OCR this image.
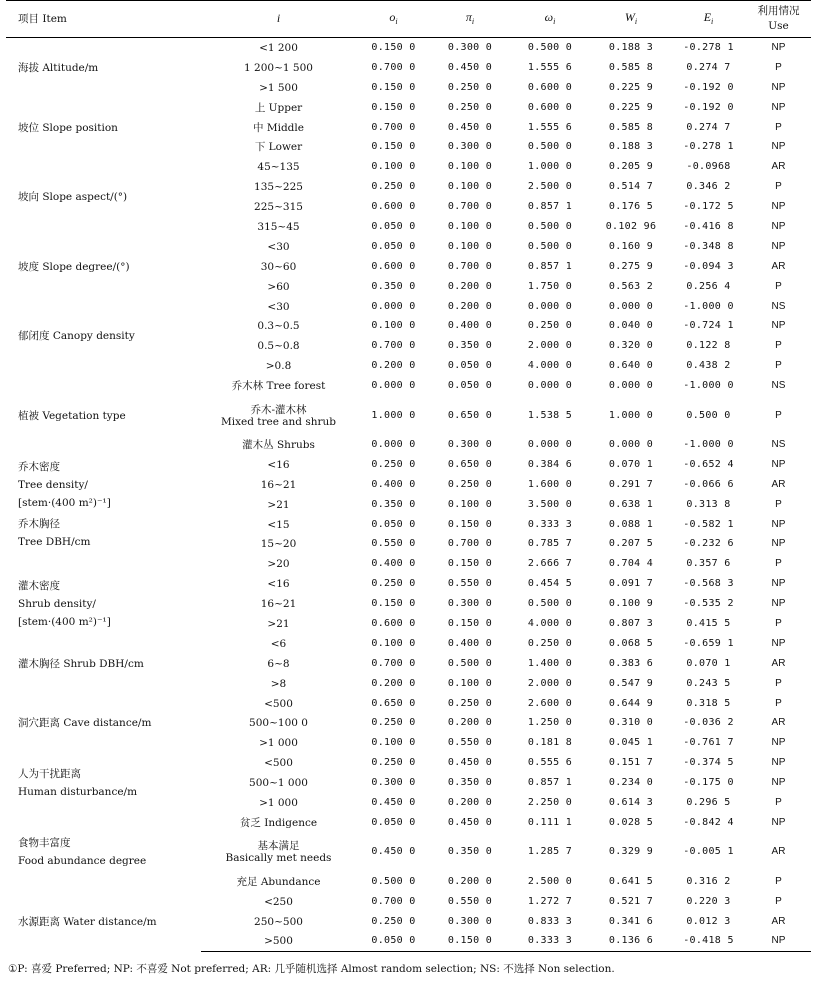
项目 Item	i	$o_i$	$\pi_i$	$\omega_i$	$W_i$	$E_i$	利用情况
Use

海拔 Altitude/m	<1 200	0.150 0	0.300 0	0.500 0	0.188 3	-0.278 1	NP
	1 200~1 500	0.700 0	0.450 0	1.555 6	0.585 8	0.274 7	P
	>1 500	0.150 0	0.250 0	0.600 0	0.225 9	-0.192 0	NP
坡位 Slope position	上 Upper	0.150 0	0.250 0	0.600 0	0.225 9	-0.192 0	NP
	中 Middle	0.700 0	0.450 0	1.555 6	0.585 8	0.274 7	P
	下 Lower	0.150 0	0.300 0	0.500 0	0.188 3	-0.278 1	NP
坡向 Slope aspect/(°)	45~135	0.100 0	0.100 0	1.000 0	0.205 9	-0.0968	AR
	135~225	0.250 0	0.100 0	2.500 0	0.514 7	0.346 2	P
	225~315	0.600 0	0.700 0	0.857 1	0.176 5	-0.172 5	NP
	315~45	0.050 0	0.100 0	0.500 0	0.102 96	-0.416 8	NP
坡度 Slope degree/(°)	<30	0.050 0	0.100 0	0.500 0	0.160 9	-0.348 8	NP
	30~60	0.600 0	0.700 0	0.857 1	0.275 9	-0.094 3	AR
	>60	0.350 0	0.200 0	1.750 0	0.563 2	0.256 4	P
郁闭度 Canopy density	<30	0.000 0	0.200 0	0.000 0	0.000 0	-1.000 0	NS
	0.3~0.5	0.100 0	0.400 0	0.250 0	0.040 0	-0.724 1	NP
	0.5~0.8	0.700 0	0.350 0	2.000 0	0.320 0	0.122 8	P
	>0.8	0.200 0	0.050 0	4.000 0	0.640 0	0.438 2	P
植被 Vegetation type	乔木林 Tree forest	0.000 0	0.050 0	0.000 0	0.000 0	-1.000 0	NS

	乔木-灌木林
Mixed tree and shrub	1.000 0	0.650 0	1.538 5	1.000 0	0.500 0	P
	灌木丛 Shrubs	0.000 0	0.300 0	0.000 0	0.000 0	-1.000 0	NS

乔木密度
Tree density/
[stem·(400 m²)⁻¹]	<16	0.250 0	0.650 0	0.384 6	0.070 1	-0.652 4	NP
	16~21	0.400 0	0.250 0	1.600 0	0.291 7	-0.066 6	AR
	>21	0.350 0	0.100 0	3.500 0	0.638 1	0.313 8	P

乔木胸径
Tree DBH/cm	<15	0.050 0	0.150 0	0.333 3	0.088 1	-0.582 1	NP
	15~20	0.550 0	0.700 0	0.785 7	0.207 5	-0.232 6	NP
	>20	0.400 0	0.150 0	2.666 7	0.704 4	0.357 6	P

灌木密度
Shrub density/
[stem·(400 m²)⁻¹]	<16	0.250 0	0.550 0	0.454 5	0.091 7	-0.568 3	NP
	16~21	0.150 0	0.300 0	0.500 0	0.100 9	-0.535 2	NP
	>21	0.600 0	0.150 0	4.000 0	0.807 3	0.415 5	P
灌木胸径 Shrub DBH/cm	<6	0.100 0	0.400 0	0.250 0	0.068 5	-0.659 1	NP
	6~8	0.700 0	0.500 0	1.400 0	0.383 6	0.070 1	AR
	>8	0.200 0	0.100 0	2.000 0	0.547 9	0.243 5	P
洞穴距离 Cave distance/m	<500	0.650 0	0.250 0	2.600 0	0.644 9	0.318 5	P
	500~100 0	0.250 0	0.200 0	1.250 0	0.310 0	-0.036 2	AR
	>1 000	0.100 0	0.550 0	0.181 8	0.045 1	-0.761 7	NP

人为干扰距离
Human disturbance/m	<500	0.250 0	0.450 0	0.555 6	0.151 7	-0.374 5	NP
	500~1 000	0.300 0	0.350 0	0.857 1	0.234 0	-0.175 0	NP
	>1 000	0.450 0	0.200 0	2.250 0	0.614 3	0.296 5	P

食物丰富度
Food abundance degree	贫乏 Indigence	0.050 0	0.450 0	0.111 1	0.028 5	-0.842 4	NP

	基本满足
Basically met needs	0.450 0	0.350 0	1.285 7	0.329 9	-0.005 1	AR
	充足 Abundance	0.500 0	0.200 0	2.500 0	0.641 5	0.316 2	P
水源距离 Water distance/m	<250	0.700 0	0.550 0	1.272 7	0.521 7	0.220 3	P
	250~500	0.250 0	0.300 0	0.833 3	0.341 6	0.012 3	AR
	>500	0.050 0	0.150 0	0.333 3	0.136 6	-0.418 5	NP
①P: 喜爱 Preferred; NP: 不喜爱 Not preferred; AR: 几乎随机选择 Almost random selection; NS: 不选择 Non selection.
